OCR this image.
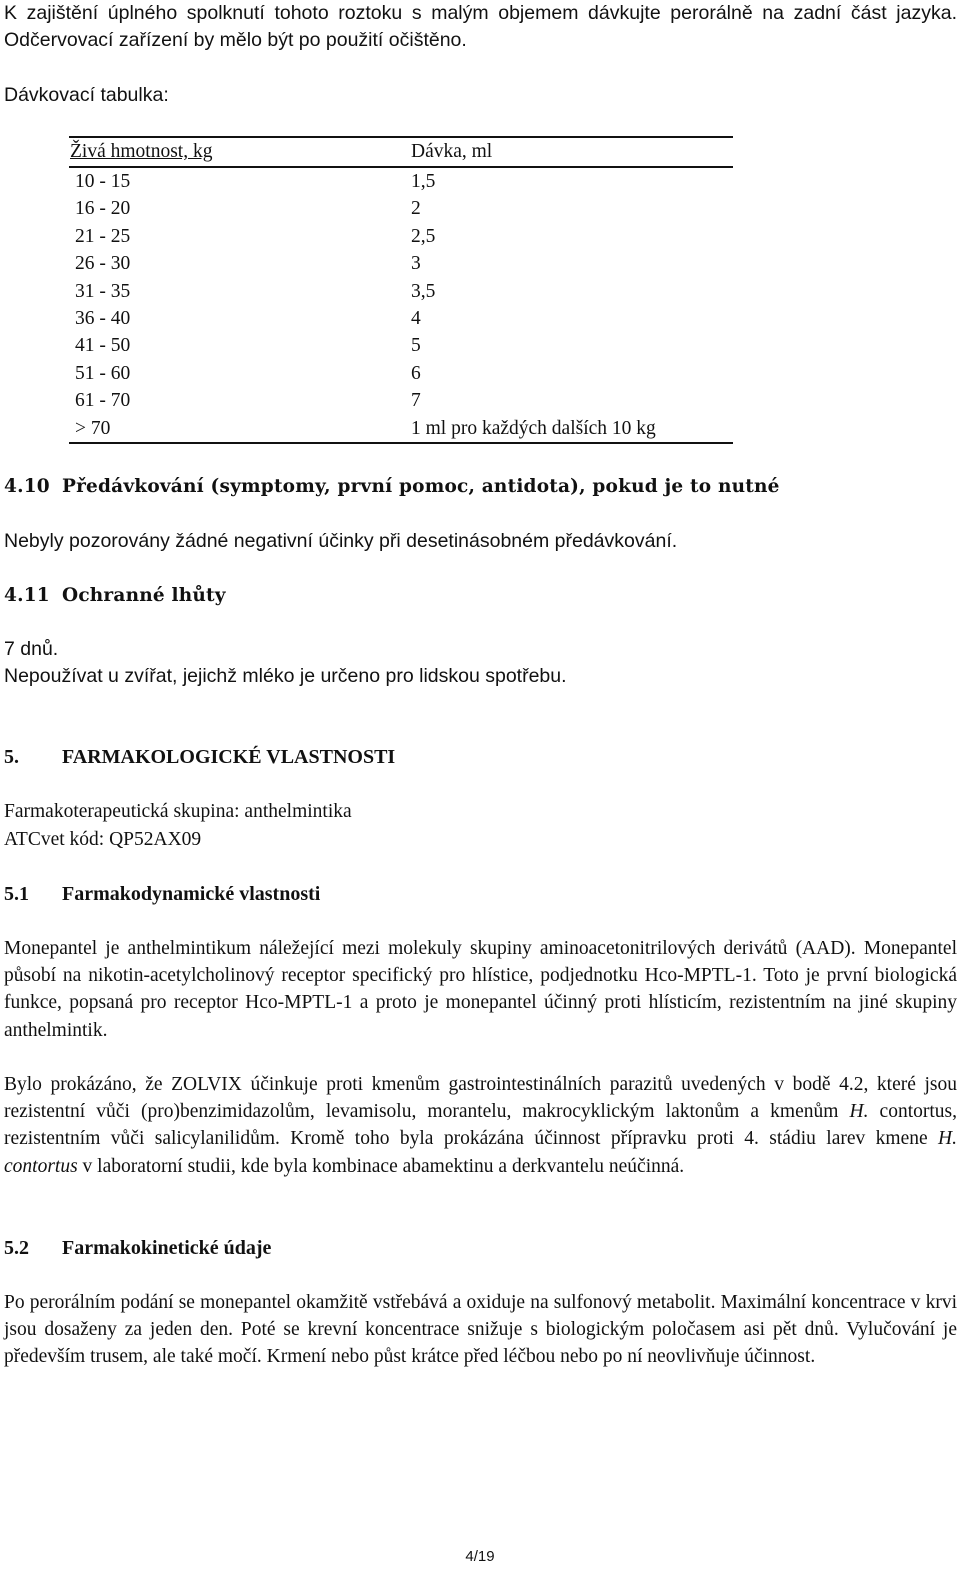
K zajištění úplného spolknutí tohoto roztoku s malým objemem dávkujte perorálně na zadní část jazyka. Odčervovací zařízení by mělo být po použití očištěno.

Dávkovací tabulka:

Živá hmotnost, kg	Dávka, ml
10 - 15	1,5
16 - 20	2
21 - 25	2,5
26 - 30	3
31 - 35	3,5
36 - 40	4
41 - 50	5
51 - 60	6
61 - 70	7
> 70	1 ml pro každých dalších 10 kg
4.10 Předávkování (symptomy, první pomoc, antidota), pokud je to nutné

Nebyly pozorovány žádné negativní účinky při desetinásobném předávkování.

4.11 Ochranné lhůty

7 dnů.

Nepoužívat u zvířat, jejichž mléko je určeno pro lidskou spotřebu.

5. FARMAKOLOGICKÉ VLASTNOSTI

Farmakoterapeutická skupina: anthelmintika

ATCvet kód: QP52AX09

5.1 Farmakodynamické vlastnosti

Monepantel je anthelmintikum náležející mezi molekuly skupiny aminoacetonitrilových derivátů (AAD). Monepantel působí na nikotin-acetylcholinový receptor specifický pro hlístice, podjednotku Hco-MPTL-1. Toto je první biologická funkce, popsaná pro receptor Hco-MPTL-1 a proto je monepantel účinný proti hlísticím, rezistentním na jiné skupiny anthelmintik.

Bylo prokázáno, že ZOLVIX účinkuje proti kmenům gastrointestinálních parazitů uvedených v bodě 4.2, které jsou rezistentní vůči (pro)benzimidazolům, levamisolu, morantelu, makrocyklickým laktonům a kmenům H. contortus, rezistentním vůči salicylanilidům. Kromě toho byla prokázána účinnost přípravku proti 4. stádiu larev kmene H. contortus v laboratorní studii, kde byla kombinace abamektinu a derkvantelu neúčinná.

5.2 Farmakokinetické údaje

Po perorálním podání se monepantel okamžitě vstřebává a oxiduje na sulfonový metabolit. Maximální koncentrace v krvi jsou dosaženy za jeden den. Poté se krevní koncentrace snižuje s biologickým poločasem asi pět dnů. Vylučování je především trusem, ale také močí. Krmení nebo půst krátce před léčbou nebo po ní neovlivňuje účinnost.

4/19
